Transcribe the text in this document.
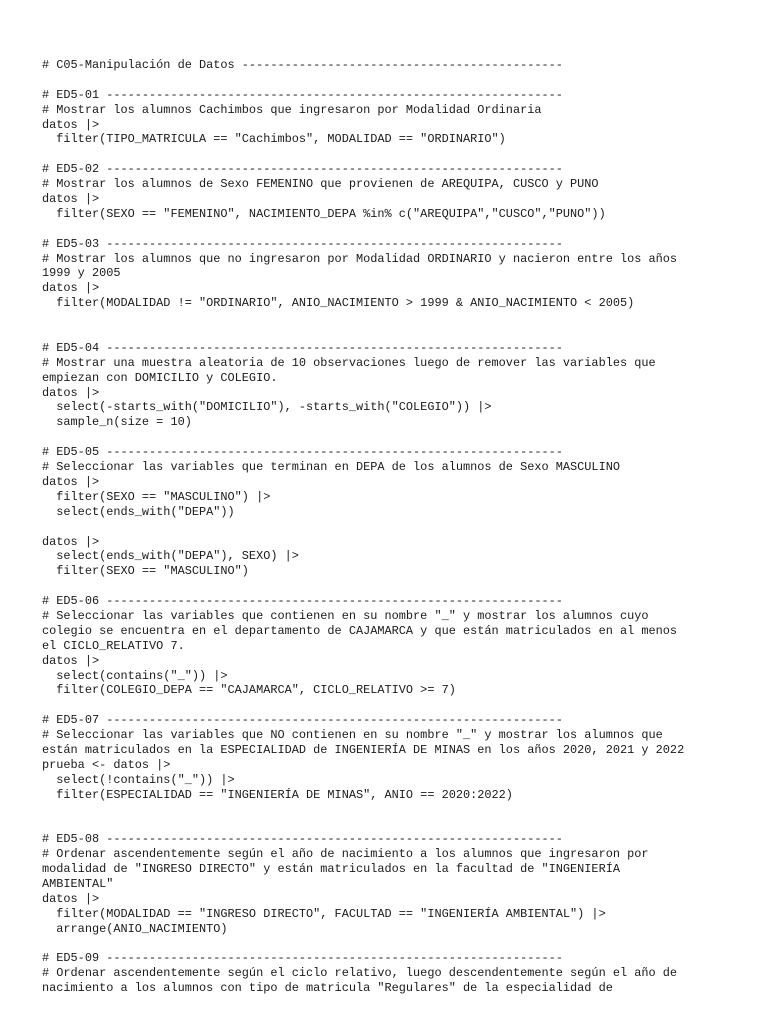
# C05-Manipulación de Datos ---------------------------------------------
# ED5-01 ----------------------------------------------------------------
# Mostrar los alumnos Cachimbos que ingresaron por Modalidad Ordinaria
datos |>
filter(TIPO_MATRICULA == "Cachimbos", MODALIDAD == "ORDINARIO")
# ED5-02 ----------------------------------------------------------------
# Mostrar los alumnos de Sexo FEMENINO que provienen de AREQUIPA, CUSCO y PUNO
datos |>
filter(SEXO == "FEMENINO", NACIMIENTO_DEPA %in% c("AREQUIPA","CUSCO","PUNO"))
# ED5-03 ----------------------------------------------------------------
# Mostrar los alumnos que no ingresaron por Modalidad ORDINARIO y nacieron entre los años
1999 y 2005
datos |>
filter(MODALIDAD != "ORDINARIO", ANIO_NACIMIENTO > 1999 & ANIO_NACIMIENTO < 2005)
# ED5-04 ----------------------------------------------------------------
# Mostrar una muestra aleatoria de 10 observaciones luego de remover las variables que
empiezan con DOMICILIO y COLEGIO.
datos |>
select(-starts_with("DOMICILIO"), -starts_with("COLEGIO")) |>
sample_n(size = 10)
# ED5-05 ----------------------------------------------------------------
# Seleccionar las variables que terminan en DEPA de los alumnos de Sexo MASCULINO
datos |>
filter(SEXO == "MASCULINO") |>
select(ends_with("DEPA"))
datos |>
select(ends_with("DEPA"), SEXO) |>
filter(SEXO == "MASCULINO")
# ED5-06 ----------------------------------------------------------------
# Seleccionar las variables que contienen en su nombre "_" y mostrar los alumnos cuyo
colegio se encuentra en el departamento de CAJAMARCA y que están matriculados en al menos
el CICLO_RELATIVO 7.
datos |>
select(contains("_")) |>
filter(COLEGIO_DEPA == "CAJAMARCA", CICLO_RELATIVO >= 7)
# ED5-07 ----------------------------------------------------------------
# Seleccionar las variables que NO contienen en su nombre "_" y mostrar los alumnos que
están matriculados en la ESPECIALIDAD de INGENIERÍA DE MINAS en los años 2020, 2021 y 2022
prueba <- datos |>
select(!contains("_")) |>
filter(ESPECIALIDAD == "INGENIERÍA DE MINAS", ANIO == 2020:2022)
# ED5-08 ----------------------------------------------------------------
# Ordenar ascendentemente según el año de nacimiento a los alumnos que ingresaron por
modalidad de "INGRESO DIRECTO" y están matriculados en la facultad de "INGENIERÍA
AMBIENTAL"
datos |>
filter(MODALIDAD == "INGRESO DIRECTO", FACULTAD == "INGENIERÍA AMBIENTAL") |>
arrange(ANIO_NACIMIENTO)
# ED5-09 ----------------------------------------------------------------
# Ordenar ascendentemente según el ciclo relativo, luego descendentemente según el año de
nacimiento a los alumnos con tipo de matricula "Regulares" de la especialidad de
